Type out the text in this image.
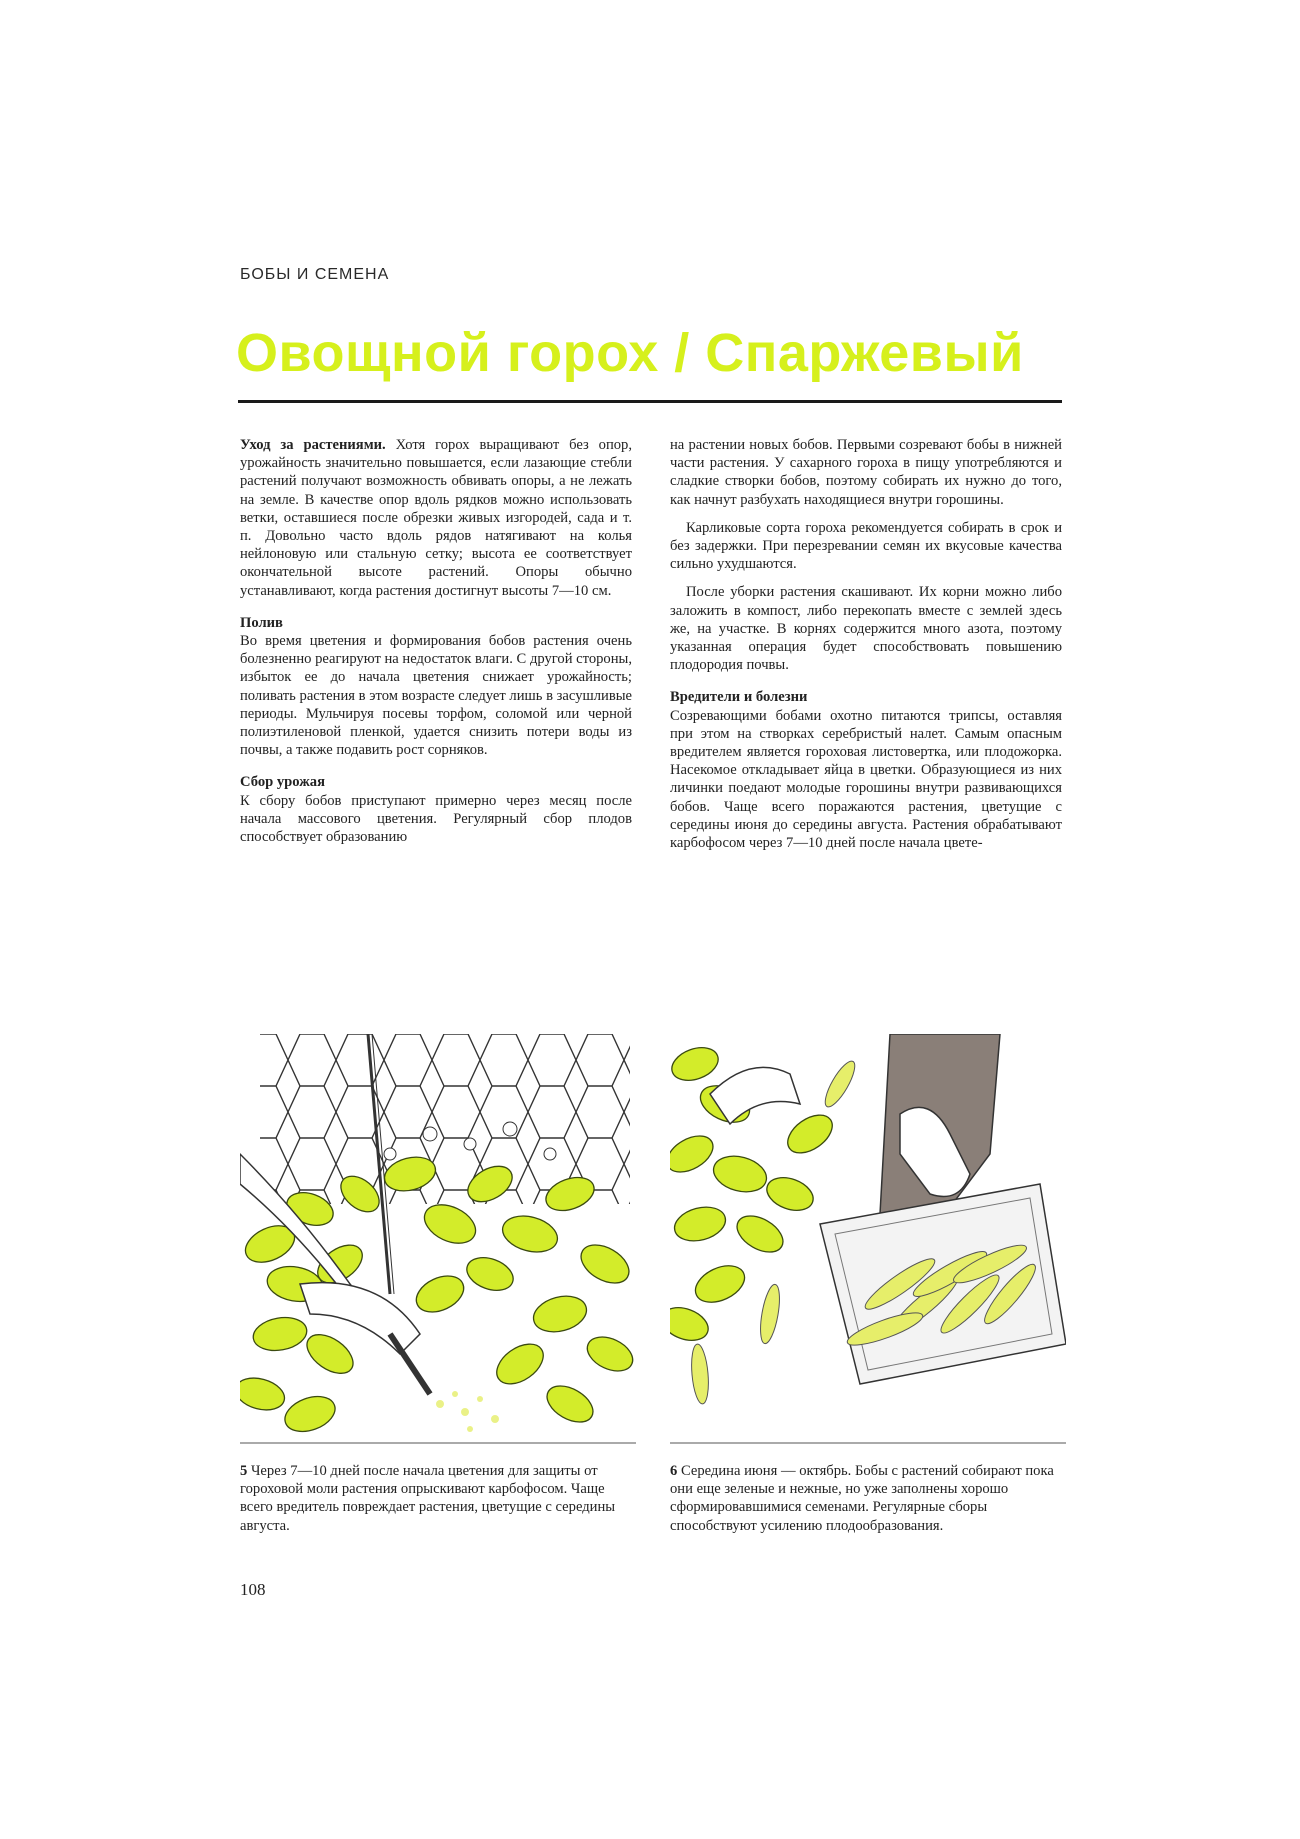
БОБЫ И СЕМЕНА
Овощной горох / Спаржевый

Уход за растениями. Хотя горох выращивают без опор, урожайность значительно повышается, если лазающие стебли растений получают возможность обвивать опоры, а не лежать на земле. В качестве опор вдоль рядков можно использовать ветки, оставшиеся после обрезки живых изгородей, сада и т. п. Довольно часто вдоль рядов натягивают на колья нейлоновую или стальную сетку; высота ее соответствует окончательной высоте растений. Опоры обычно устанавливают, когда растения достигнут высоты 7—10 см.

Полив

Во время цветения и формирования бобов растения очень болезненно реагируют на недостаток влаги. С другой стороны, избыток ее до начала цветения снижает урожайность; поливать растения в этом возрасте следует лишь в засушливые периоды. Мульчируя посевы торфом, соломой или черной полиэтиленовой пленкой, удается снизить потери воды из почвы, а также подавить рост сорняков.

Сбор урожая

К сбору бобов приступают примерно через месяц после начала массового цветения. Регулярный сбор плодов способствует образованию

на растении новых бобов. Первыми созревают бобы в нижней части растения. У сахарного гороха в пищу употребляются и сладкие створки бобов, поэтому собирать их нужно до того, как начнут разбухать находящиеся внутри горошины.

Карликовые сорта гороха рекомендуется собирать в срок и без задержки. При перезревании семян их вкусовые качества сильно ухудшаются.

После уборки растения скашивают. Их корни можно либо заложить в компост, либо перекопать вместе с землей здесь же, на участке. В корнях содержится много азота, поэтому указанная операция будет способствовать повышению плодородия почвы.

Вредители и болезни

Созревающими бобами охотно питаются трипсы, оставляя при этом на створках серебристый налет. Самым опасным вредителем является гороховая листовертка, или плодожорка. Насекомое откладывает яйца в цветки. Образующиеся из них личинки поедают молодые горошины внутри развивающихся бобов. Чаще всего поражаются растения, цветущие с середины июня до середины августа. Растения обрабатывают карбофосом через 7—10 дней после начала цвете-

5 Через 7—10 дней после начала цветения для защиты от гороховой моли растения опрыскивают карбофосом. Чаще всего вредитель повреждает растения, цветущие с середины августа.
6 Середина июня — октябрь. Бобы с растений собирают пока они еще зеленые и нежные, но уже заполнены хорошо сформировавшимися семенами. Регулярные сборы способствуют усилению плодообразования.
108
